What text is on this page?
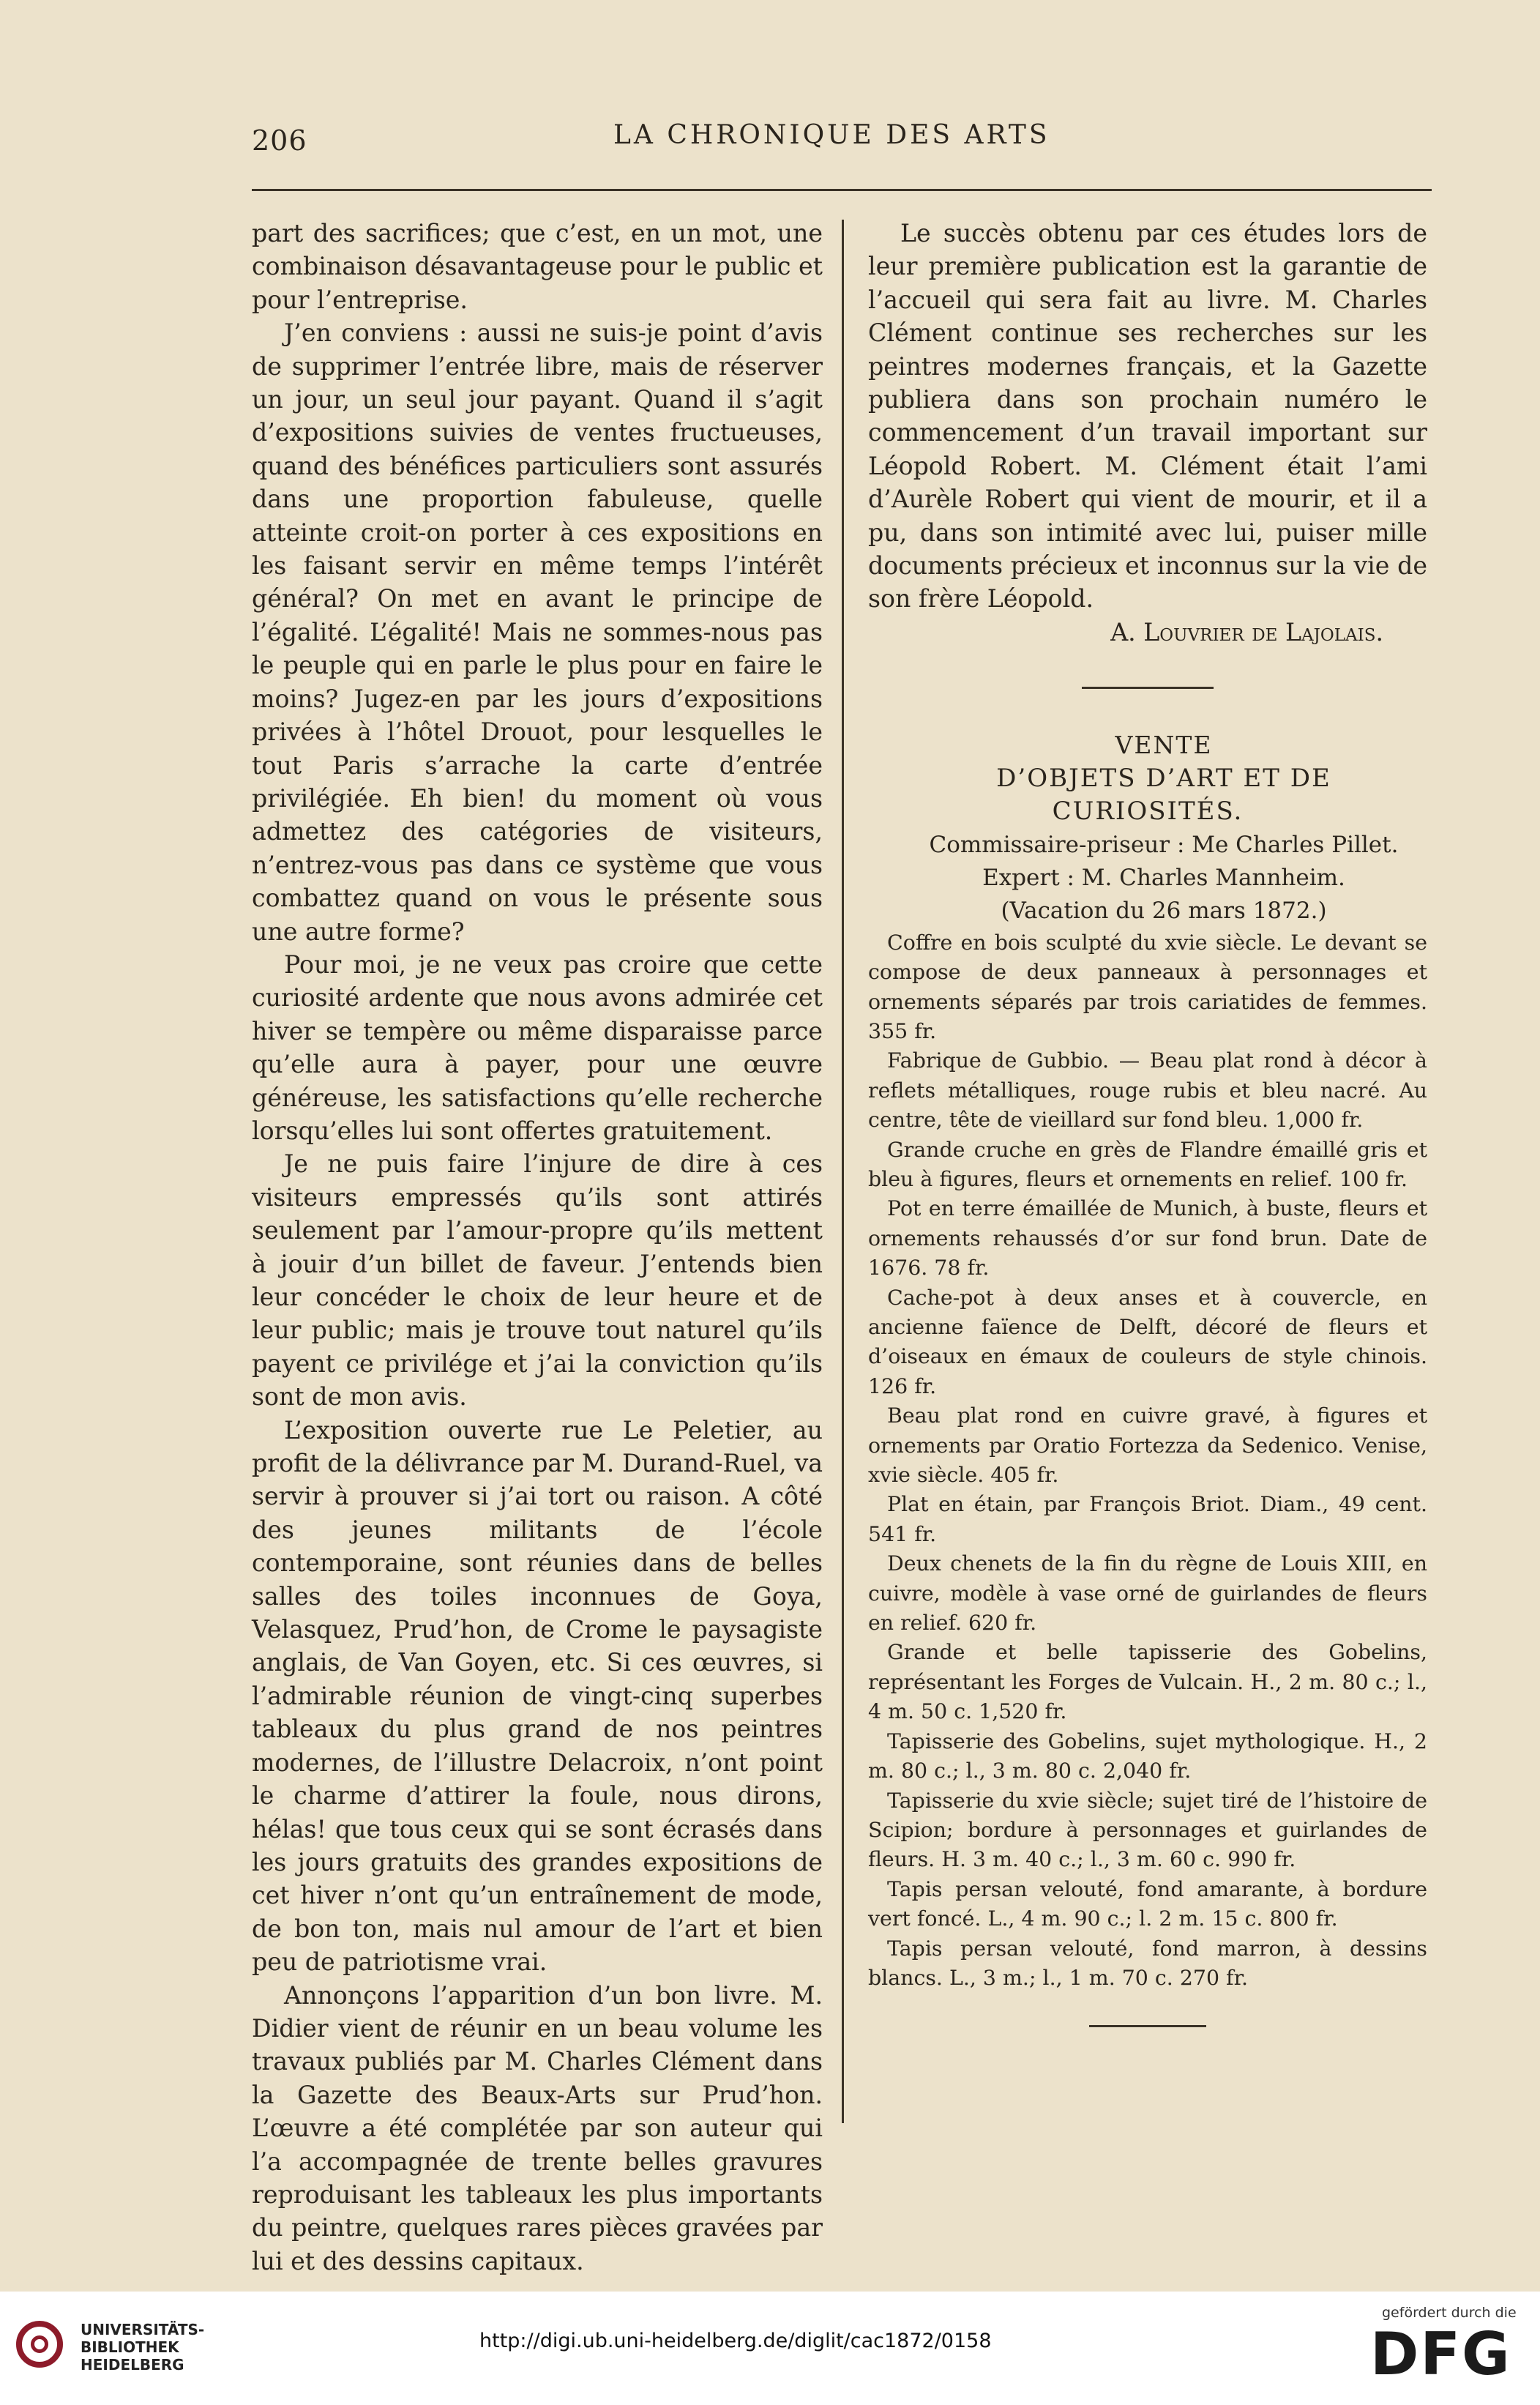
206	LA CHRONIQUE DES ARTS

part des sacrifices; que c’est, en un mot, une combinaison désavantageuse pour le public et pour l’entreprise.

J’en conviens : aussi ne suis-je point d’avis de supprimer l’entrée libre, mais de réserver un jour, un seul jour payant. Quand il s’agit d’expositions suivies de ventes fructueuses, quand des bénéfices particuliers sont assurés dans une proportion fabuleuse, quelle atteinte croit-on porter à ces expositions en les faisant servir en même temps l’intérêt général? On met en avant le principe de l’égalité. L’égalité! Mais ne sommes-nous pas le peuple qui en parle le plus pour en faire le moins? Jugez-en par les jours d’expositions privées à l’hôtel Drouot, pour lesquelles le tout Paris s’arrache la carte d’entrée privilégiée. Eh bien! du moment où vous admettez des catégories de visiteurs, n’entrez-vous pas dans ce système que vous combattez quand on vous le présente sous une autre forme?

Pour moi, je ne veux pas croire que cette curiosité ardente que nous avons admirée cet hiver se tempère ou même disparaisse parce qu’elle aura à payer, pour une œuvre généreuse, les satisfactions qu’elle recherche lorsqu’elles lui sont offertes gratuitement.

Je ne puis faire l’injure de dire à ces visiteurs empressés qu’ils sont attirés seulement par l’amour-propre qu’ils mettent à jouir d’un billet de faveur. J’entends bien leur concéder le choix de leur heure et de leur public; mais je trouve tout naturel qu’ils payent ce privilége et j’ai la conviction qu’ils sont de mon avis.

L’exposition ouverte rue Le Peletier, au profit de la délivrance par M. Durand-Ruel, va servir à prouver si j’ai tort ou raison. A côté des jeunes militants de l’école contemporaine, sont réunies dans de belles salles des toiles inconnues de Goya, Velasquez, Prud’hon, de Crome le paysagiste anglais, de Van Goyen, etc. Si ces œuvres, si l’admirable réunion de vingt-cinq superbes tableaux du plus grand de nos peintres modernes, de l’illustre Delacroix, n’ont point le charme d’attirer la foule, nous dirons, hélas! que tous ceux qui se sont écrasés dans les jours gratuits des grandes expositions de cet hiver n’ont qu’un entraînement de mode, de bon ton, mais nul amour de l’art et bien peu de patriotisme vrai.

Annonçons l’apparition d’un bon livre. M. Didier vient de réunir en un beau volume les travaux publiés par M. Charles Clément dans la Gazette des Beaux-Arts sur Prud’hon. L’œuvre a été complétée par son auteur qui l’a accompagnée de trente belles gravures reproduisant les tableaux les plus importants du peintre, quelques rares pièces gravées par lui et des dessins capitaux.

Le succès obtenu par ces études lors de leur première publication est la garantie de l’accueil qui sera fait au livre. M. Charles Clément continue ses recherches sur les peintres modernes français, et la Gazette publiera dans son prochain numéro le commencement d’un travail important sur Léopold Robert. M. Clément était l’ami d’Aurèle Robert qui vient de mourir, et il a pu, dans son intimité avec lui, puiser mille documents précieux et inconnus sur la vie de son frère Léopold.

A. Louvrier de Lajolais.

VENTE

D’OBJETS D’ART ET DE CURIOSITÉS.

Commissaire-priseur : Me Charles Pillet.

Expert : M. Charles Mannheim.

(Vacation du 26 mars 1872.)

Coffre en bois sculpté du xvie siècle. Le devant se compose de deux panneaux à personnages et ornements séparés par trois cariatides de femmes. 355 fr.

Fabrique de Gubbio. — Beau plat rond à décor à reflets métalliques, rouge rubis et bleu nacré. Au centre, tête de vieillard sur fond bleu. 1,000 fr.

Grande cruche en grès de Flandre émaillé gris et bleu à figures, fleurs et ornements en relief. 100 fr.

Pot en terre émaillée de Munich, à buste, fleurs et ornements rehaussés d’or sur fond brun. Date de 1676. 78 fr.

Cache-pot à deux anses et à couvercle, en ancienne faïence de Delft, décoré de fleurs et d’oiseaux en émaux de couleurs de style chinois. 126 fr.

Beau plat rond en cuivre gravé, à figures et ornements par Oratio Fortezza da Sedenico. Venise, xvie siècle. 405 fr.

Plat en étain, par François Briot. Diam., 49 cent. 541 fr.

Deux chenets de la fin du règne de Louis XIII, en cuivre, modèle à vase orné de guirlandes de fleurs en relief. 620 fr.

Grande et belle tapisserie des Gobelins, représentant les Forges de Vulcain. H., 2 m. 80 c.; l., 4 m. 50 c. 1,520 fr.

Tapisserie des Gobelins, sujet mythologique. H., 2 m. 80 c.; l., 3 m. 80 c. 2,040 fr.

Tapisserie du xvie siècle; sujet tiré de l’histoire de Scipion; bordure à personnages et guirlandes de fleurs. H. 3 m. 40 c.; l., 3 m. 60 c. 990 fr.

Tapis persan velouté, fond amarante, à bordure vert foncé. L., 4 m. 90 c.; l. 2 m. 15 c. 800 fr.

Tapis persan velouté, fond marron, à dessins blancs. L., 3 m.; l., 1 m. 70 c. 270 fr.

UNIVERSITÄTS-
BIBLIOTHEK
HEIDELBERG
http://digi.ub.uni-heidelberg.de/diglit/cac1872/0158
gefördert durch die
DFG
